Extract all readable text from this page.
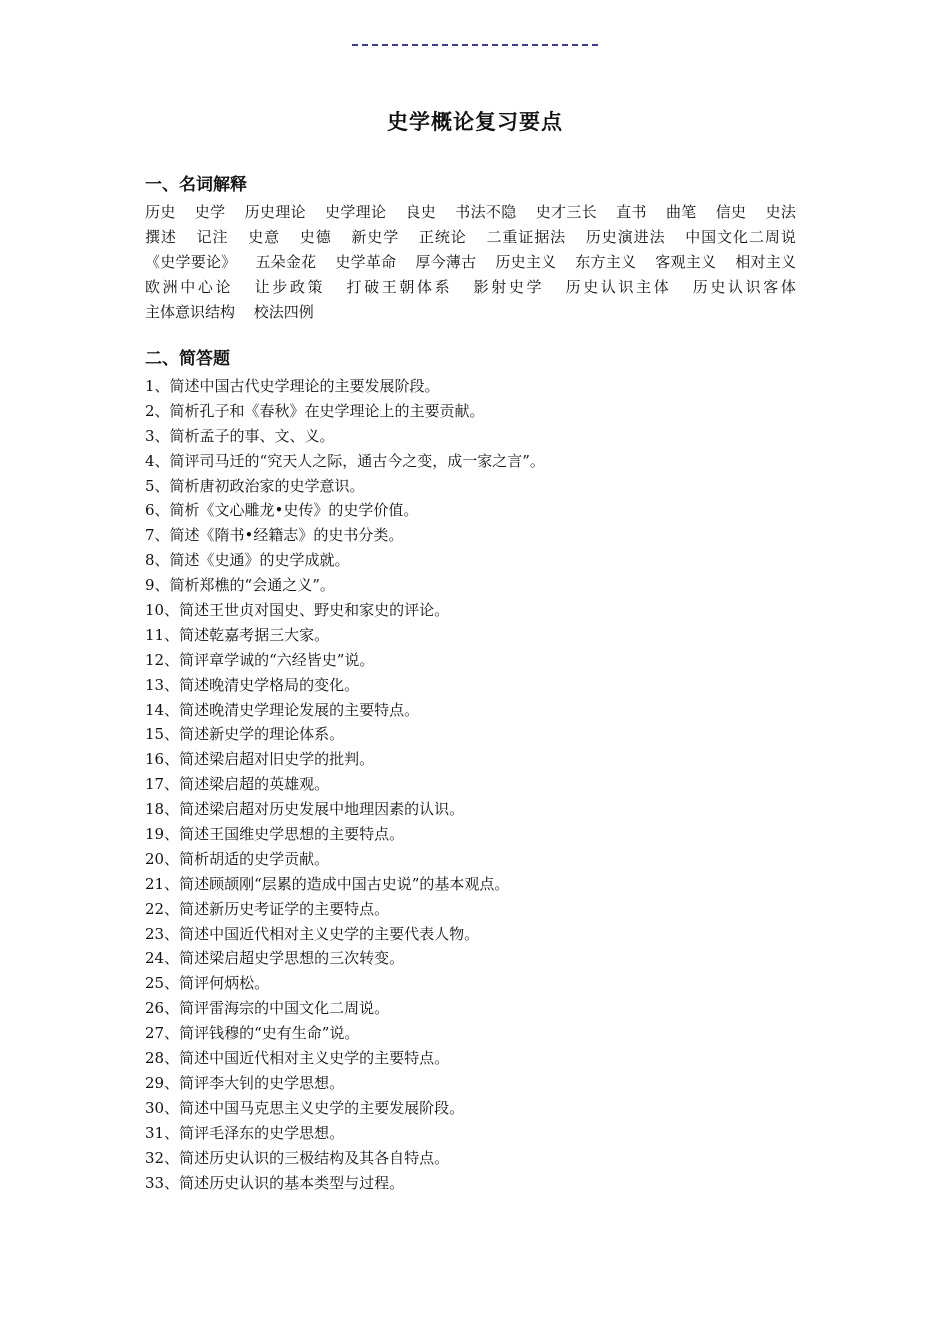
史学概论复习要点
一、名词解释
历史 史学 历史理论 史学理论 良史 书法不隐 史才三长 直书 曲笔 信史 史法 撰述 记注 史意 史德 新史学 正统论 二重证据法 历史演进法 中国文化二周说 《史学要论》 五朵金花 史学革命 厚今薄古 历史主义 东方主义 客观主义 相对主义 欧洲中心论 让步政策 打破王朝体系 影射史学 历史认识主体 历史认识客体 主体意识结构 校法四例
二、简答题
1、简述中国古代史学理论的主要发展阶段。
2、简析孔子和《春秋》在史学理论上的主要贡献。
3、简析孟子的事、文、义。
4、简评司马迁的“究天人之际，通古今之变，成一家之言”。
5、简析唐初政治家的史学意识。
6、简析《文心雕龙•史传》的史学价值。
7、简述《隋书•经籍志》的史书分类。
8、简述《史通》的史学成就。
9、简析郑樵的“会通之义”。
10、简述王世贞对国史、野史和家史的评论。
11、简述乾嘉考据三大家。
12、简评章学诚的“六经皆史”说。
13、简述晚清史学格局的变化。
14、简述晚清史学理论发展的主要特点。
15、简述新史学的理论体系。
16、简述梁启超对旧史学的批判。
17、简述梁启超的英雄观。
18、简述梁启超对历史发展中地理因素的认识。
19、简述王国维史学思想的主要特点。
20、简析胡适的史学贡献。
21、简述顾颉刚“层累的造成中国古史说”的基本观点。
22、简述新历史考证学的主要特点。
23、简述中国近代相对主义史学的主要代表人物。
24、简述梁启超史学思想的三次转变。
25、简评何炳松。
26、简评雷海宗的中国文化二周说。
27、简评钱穆的“史有生命”说。
28、简述中国近代相对主义史学的主要特点。
29、简评李大钊的史学思想。
30、简述中国马克思主义史学的主要发展阶段。
31、简评毛泽东的史学思想。
32、简述历史认识的三极结构及其各自特点。
33、简述历史认识的基本类型与过程。
